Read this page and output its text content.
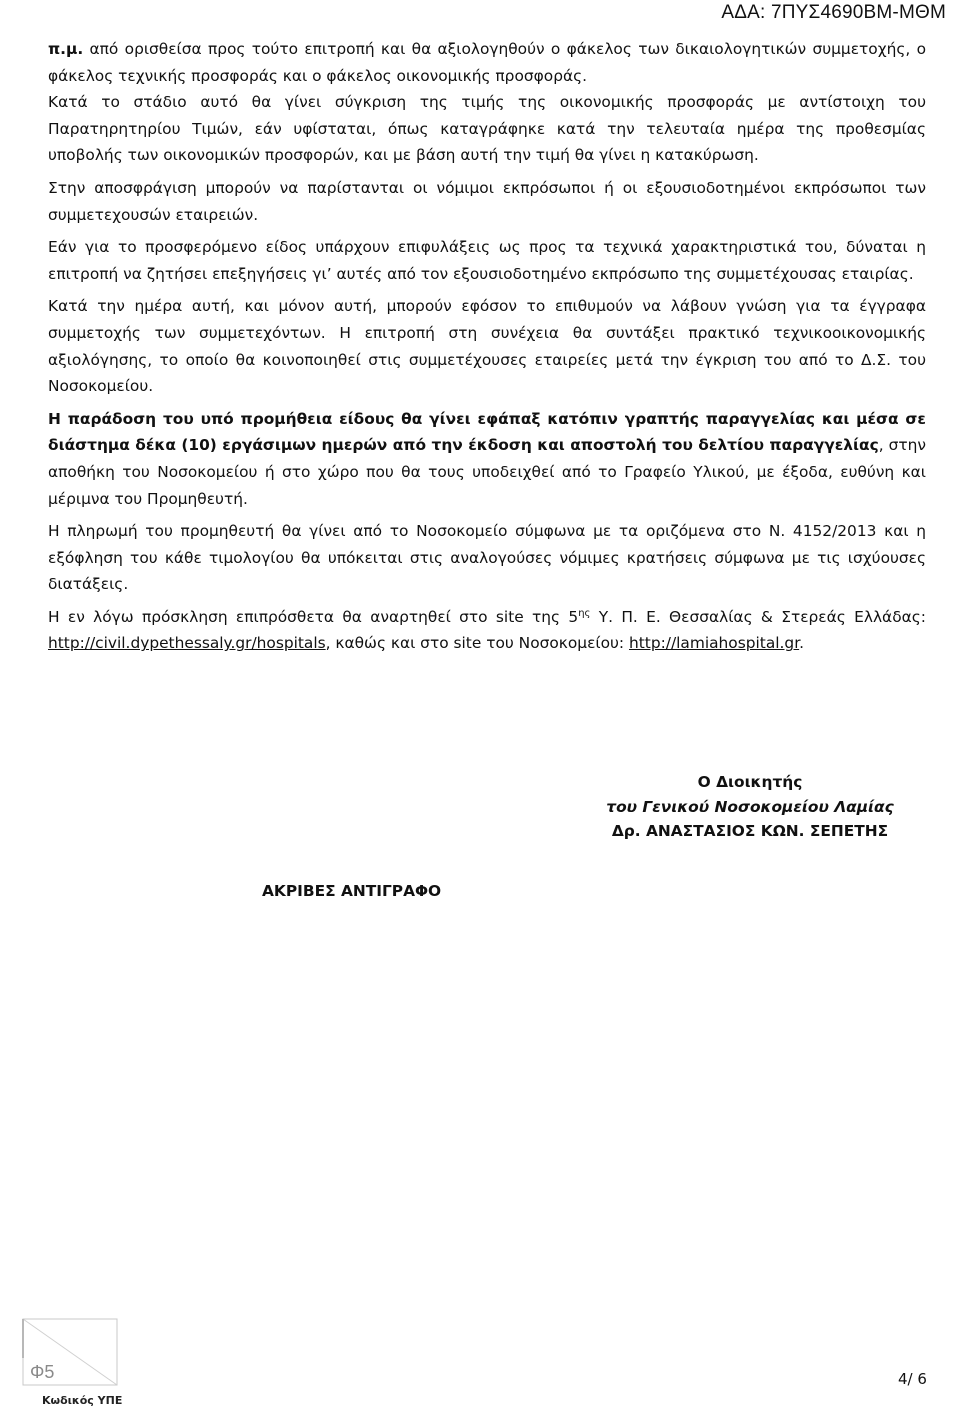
ΑΔΑ: 7ΠΥΣ4690ΒΜ-ΜΘΜ

π.μ. από ορισθείσα προς τούτο επιτροπή και θα αξιολογηθούν ο φάκελος των δικαιολογητικών συμμετοχής, ο φάκελος τεχνικής προσφοράς και ο φάκελος οικονομικής προσφοράς.

Κατά το στάδιο αυτό θα γίνει σύγκριση της τιμής της οικονομικής προσφοράς με αντίστοιχη του Παρατηρητηρίου Τιμών, εάν υφίσταται, όπως καταγράφηκε κατά την τελευταία ημέρα της προθεσμίας υποβολής των οικονομικών προσφορών, και με βάση αυτή την τιμή θα γίνει η κατακύρωση.

Στην αποσφράγιση μπορούν να παρίστανται οι νόμιμοι εκπρόσωποι ή οι εξουσιοδοτημένοι εκπρόσωποι των συμμετεχουσών εταιρειών.

Εάν για το προσφερόμενο είδος υπάρχουν επιφυλάξεις ως προς τα τεχνικά χαρακτηριστικά του, δύναται η επιτροπή να ζητήσει επεξηγήσεις γι’ αυτές από τον εξουσιοδοτημένο εκπρόσωπο της συμμετέχουσας εταιρίας.

Κατά την ημέρα αυτή, και μόνον αυτή, μπορούν εφόσον το επιθυμούν να λάβουν γνώση για τα έγγραφα συμμετοχής των συμμετεχόντων. Η επιτροπή στη συνέχεια θα συντάξει πρακτικό τεχνικοοικονομικής αξιολόγησης, το οποίο θα κοινοποιηθεί στις συμμετέχουσες εταιρείες μετά την έγκριση του από το Δ.Σ. του Νοσοκομείου.

Η παράδοση του υπό προμήθεια είδους θα γίνει εφάπαξ κατόπιν γραπτής παραγγελίας και μέσα σε διάστημα δέκα (10) εργάσιμων ημερών από την έκδοση και αποστολή του δελτίου παραγγελίας, στην αποθήκη του Νοσοκομείου ή στο χώρο που θα τους υποδειχθεί από το Γραφείο Υλικού, με έξοδα, ευθύνη και μέριμνα του Προμηθευτή.

Η πληρωμή του προμηθευτή θα γίνει από το Νοσοκομείο σύμφωνα με τα οριζόμενα στο Ν. 4152/2013 και η εξόφληση του κάθε τιμολογίου θα υπόκειται στις αναλογούσες νόμιμες κρατήσεις σύμφωνα με τις ισχύουσες διατάξεις.

Η εν λόγω πρόσκληση επιπρόσθετα θα αναρτηθεί στο site της $5^{\eta\varsigma}$ Υ. Π. Ε. Θεσσαλίας & Στερεάς Ελλάδας: http://civil.dypethessaly.gr/hospitals, καθώς και στο site του Νοσοκομείου: http://lamiahospital.gr.

Ο Διοικητής
του Γενικού Νοσοκομείου Λαμίας
Δρ. ΑΝΑΣΤΑΣΙΟΣ ΚΩΝ. ΣΕΠΕΤΗΣ
ΑΚΡΙΒΕΣ ΑΝΤΙΓΡΑΦΟ
Φ5
Κωδικός ΥΠΕ
4/ 6
